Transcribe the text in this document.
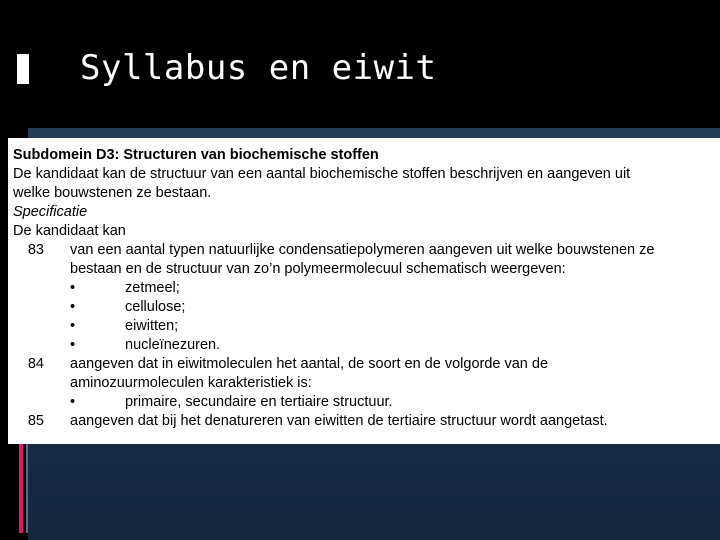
Syllabus en eiwit
Subdomein D3: Structuren van biochemische stoffen
De kandidaat kan de structuur van een aantal biochemische stoffen beschrijven en aangeven uit
welke bouwstenen ze bestaan.
Specificatie
De kandidaat kan
83	van een aantal typen natuurlijke condensatiepolymeren aangeven uit welke bouwstenen ze
bestaan en de structuur van zo’n polymeermolecuul schematisch weergeven:
•	zetmeel;
•	cellulose;
•	eiwitten;
•	nucleïnezuren.
84	aangeven dat in eiwitmoleculen het aantal, de soort en de volgorde van de
aminozuurmoleculen karakteristiek is:
•	primaire, secundaire en tertiaire structuur.
85	aangeven dat bij het denatureren van eiwitten de tertiaire structuur wordt aangetast.
